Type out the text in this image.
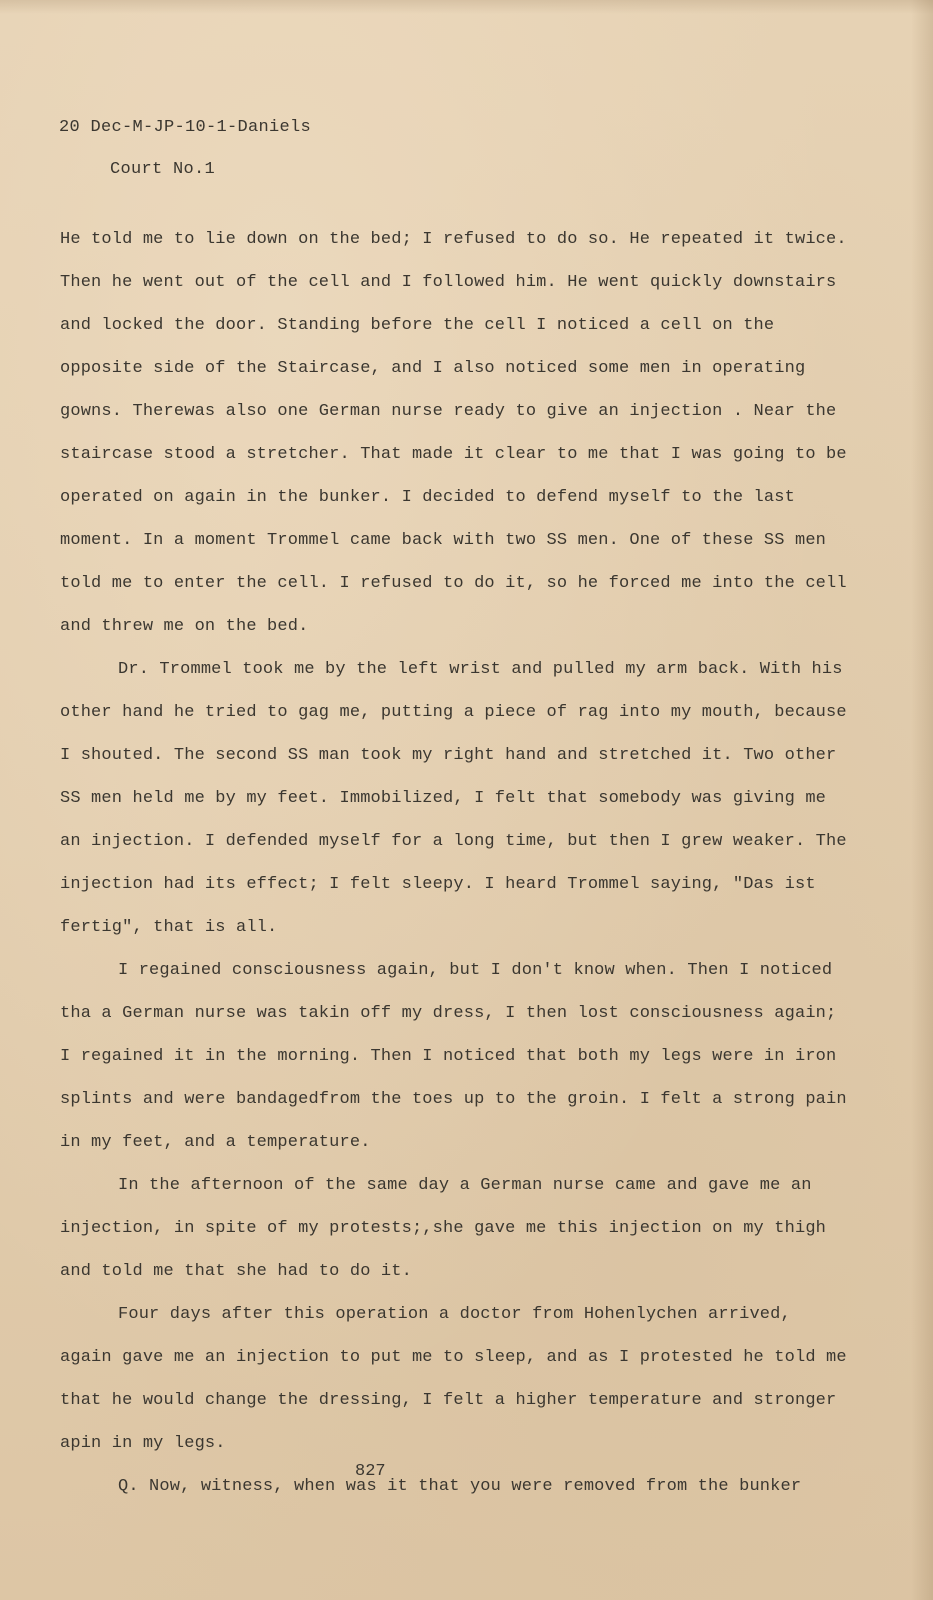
20 Dec-M-JP-10-1-Daniels
Court No.1

He told me to lie down on the bed; I refused to do so. He repeated it twice. Then he went out of the cell and I followed him. He went quickly downstairs and locked the door. Standing before the cell I noticed a cell on the opposite side of the Staircase, and I also noticed some men in operating gowns. Therewas also one German nurse ready to give an injection . Near the staircase stood a stretcher. That made it clear to me that I was going to be operated on again in the bunker. I decided to defend myself to the last moment. In a moment Trommel came back with two SS men. One of these SS men told me to enter the cell. I refused to do it, so he forced me into the cell and threw me on the bed.

Dr. Trommel took me by the left wrist and pulled my arm back. With his other hand he tried to gag me, putting a piece of rag into my mouth, because I shouted. The second SS man took my right hand and stretched it. Two other SS men held me by my feet. Immobilized, I felt that somebody was giving me an injection. I defended myself for a long time, but then I grew weaker. The injection had its effect; I felt sleepy. I heard Trommel saying, "Das ist fertig", that is all.

I regained consciousness again, but I don't know when. Then I noticed tha a German nurse was takin off my dress, I then lost consciousness again; I regained it in the morning. Then I noticed that both my legs were in iron splints and were bandagedfrom the toes up to the groin. I felt a strong pain in my feet, and a temperature.

In the afternoon of the same day a German nurse came and gave me an injection, in spite of my protests;,she gave me this injection on my thigh and told me that she had to do it.

Four days after this operation a doctor from Hohenlychen arrived, again gave me an injection to put me to sleep, and as I protested he told me that he would change the dressing, I felt a higher temperature and stronger apin in my legs.

Q. Now, witness, when was it that you were removed from the bunker

827
